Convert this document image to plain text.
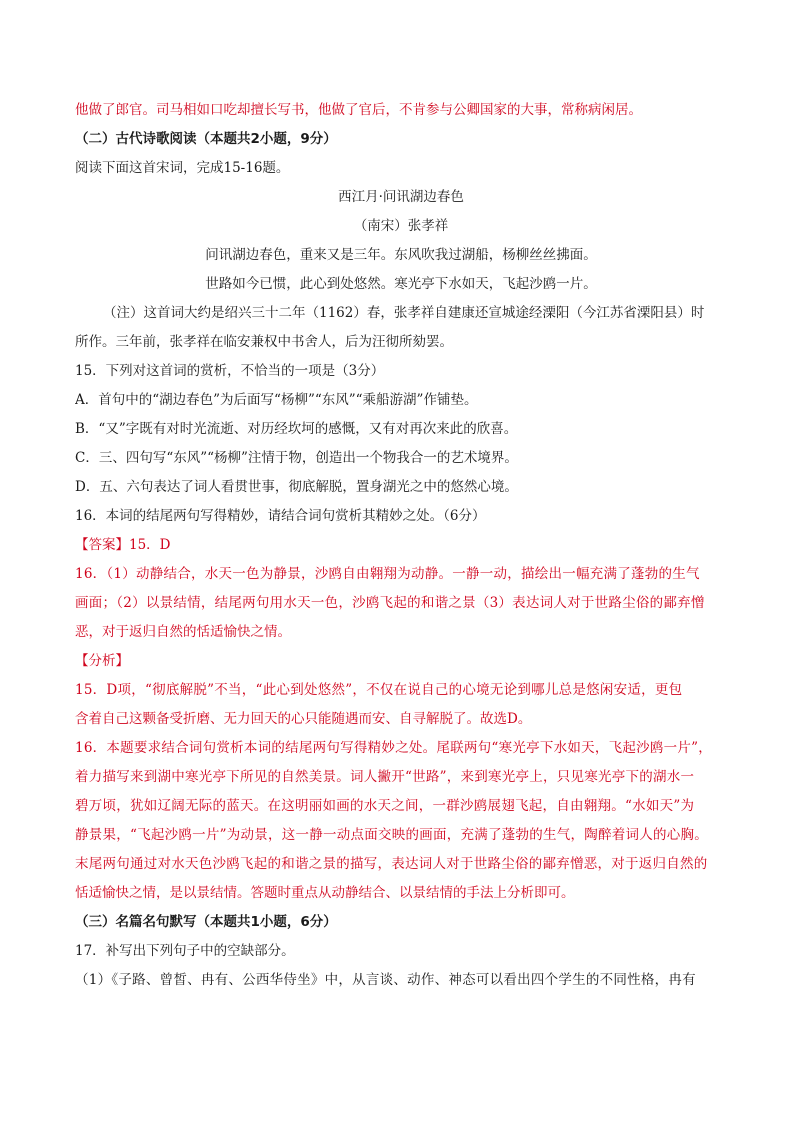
他做了郎官。司马相如口吃却擅长写书，他做了官后，不肯参与公卿国家的大事，常称病闲居。
（二）古代诗歌阅读（本题共2小题，9分）
阅读下面这首宋词，完成15-16题。
西江月·问讯湖边春色
（南宋）张孝祥
问讯湖边春色，重来又是三年。东风吹我过湖船，杨柳丝丝拂面。
世路如今已惯，此心到处悠然。寒光亭下水如天，飞起沙鸥一片。
（注）这首词大约是绍兴三十二年（1162）春，张孝祥自建康还宣城途经溧阳（今江苏省溧阳县）时
所作。三年前，张孝祥在临安兼权中书舍人，后为汪彻所劾罢。
15．下列对这首词的赏析，不恰当的一项是（3分）
A．首句中的“湖边春色”为后面写“杨柳”“东风”“乘船游湖”作铺垫。
B．“又”字既有对时光流逝、对历经坎坷的感慨，又有对再次来此的欣喜。
C．三、四句写“东风”“杨柳”注情于物，创造出一个物我合一的艺术境界。
D．五、六句表达了词人看贯世事，彻底解脱，置身湖光之中的悠然心境。
16．本词的结尾两句写得精妙，请结合词句赏析其精妙之处。（6分）
【答案】15．D
16．（1）动静结合，水天一色为静景，沙鸥自由翱翔为动静。一静一动，描绘出一幅充满了蓬勃的生气
画面；（2）以景结情，结尾两句用水天一色，沙鸥飞起的和谐之景（3）表达词人对于世路尘俗的鄙弃憎
恶，对于返归自然的恬适愉快之情。
【分析】
15．D项，“彻底解脱”不当，“此心到处悠然”，不仅在说自己的心境无论到哪儿总是悠闲安适，更包
含着自己这颗备受折磨、无力回天的心只能随遇而安、自寻解脱了。故选D。
16．本题要求结合词句赏析本词的结尾两句写得精妙之处。尾联两句“寒光亭下水如天，飞起沙鸥一片”，
着力描写来到湖中寒光亭下所见的自然美景。词人撇开“世路”，来到寒光亭上，只见寒光亭下的湖水一
碧万顷，犹如辽阔无际的蓝天。在这明丽如画的水天之间，一群沙鸥展翅飞起，自由翱翔。“水如天”为
静景果，“飞起沙鸥一片”为动景，这一静一动点面交映的画面，充满了蓬勃的生气，陶醉着词人的心胸。
末尾两句通过对水天色沙鸥飞起的和谐之景的描写，表达词人对于世路尘俗的鄙弃憎恶，对于返归自然的
恬适愉快之情，是以景结情。答题时重点从动静结合、以景结情的手法上分析即可。
（三）名篇名句默写（本题共1小题，6分）
17．补写出下列句子中的空缺部分。
（1）《子路、曾皙、冉有、公西华侍坐》中，从言谈、动作、神态可以看出四个学生的不同性格，冉有
